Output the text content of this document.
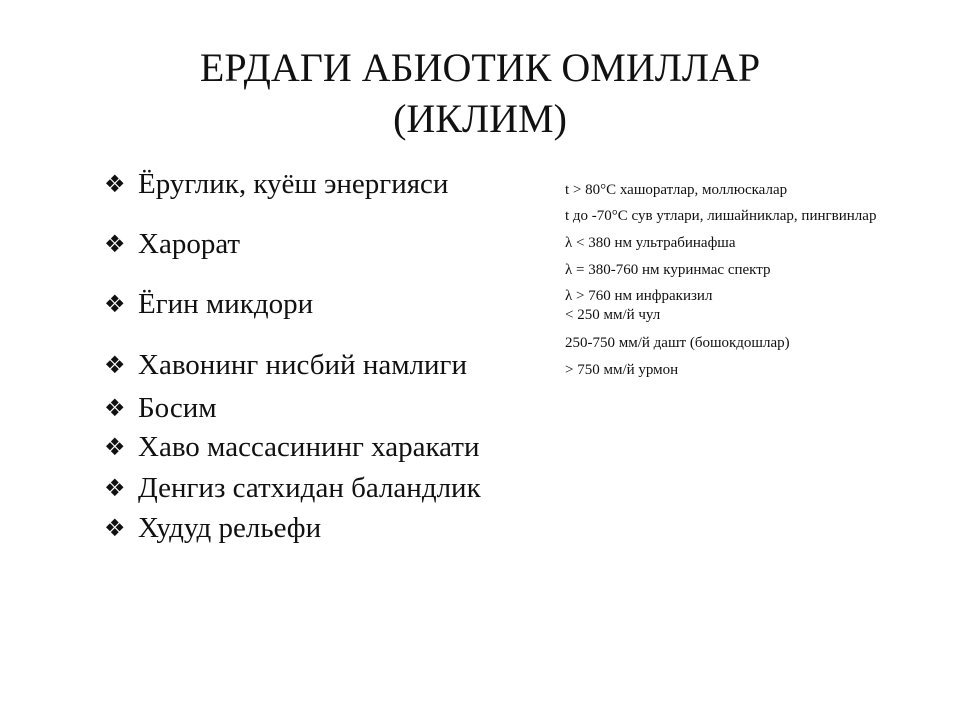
ЕРДАГИ АБИОТИК ОМИЛЛАР
(ИКЛИМ)
❖ Ёруглик, куёш энергияси
❖ Харорат
❖ Ёгин микдори
❖ Хавонинг нисбий намлиги
❖ Босим
❖ Хаво массасининг харакати
❖ Денгиз сатхидан баландлик
❖ Худуд рельефи
t > 80°С хашоратлар, моллюскалар
t до -70°С сув утлари, лишайниклар, пингвинлар
λ < 380 нм ультрабинафша
λ = 380-760 нм куринмас спектр
λ > 760 нм инфракизил
< 250 мм/й чул
250-750 мм/й дашт (бошокдошлар)
> 750 мм/й урмон
